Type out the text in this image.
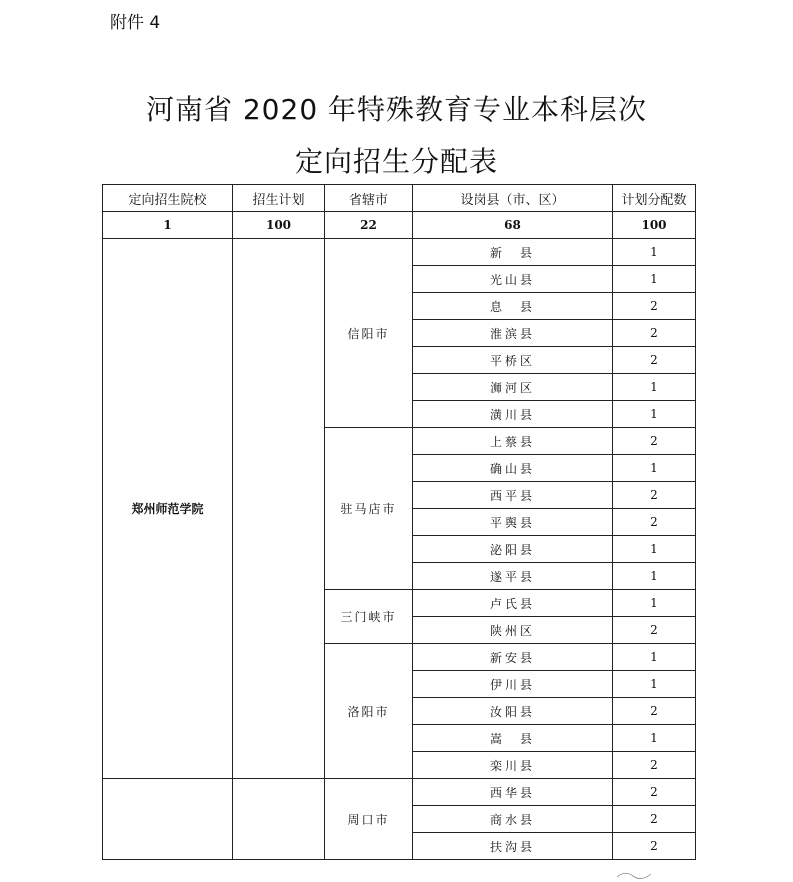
附件 4
河南省 2020 年特殊教育专业本科层次
定向招生分配表
定向招生院校	招生计划	省辖市	设岗县（市、区）	计划分配数
1	100	22	68	100
郑州师范学院		信阳市	新　县	1
			光山县	1
			息　县	2
			淮滨县	2
			平桥区	2
			浉河区	1
			潢川县	1
		驻马店市	上蔡县	2
			确山县	1
			西平县	2
			平舆县	2
			泌阳县	1
			遂平县	1
		三门峡市	卢氏县	1
			陕州区	2
		洛阳市	新安县	1
			伊川县	1
			汝阳县	2
			嵩　县	1
			栾川县	2
		周口市	西华县	2
			商水县	2
			扶沟县	2
